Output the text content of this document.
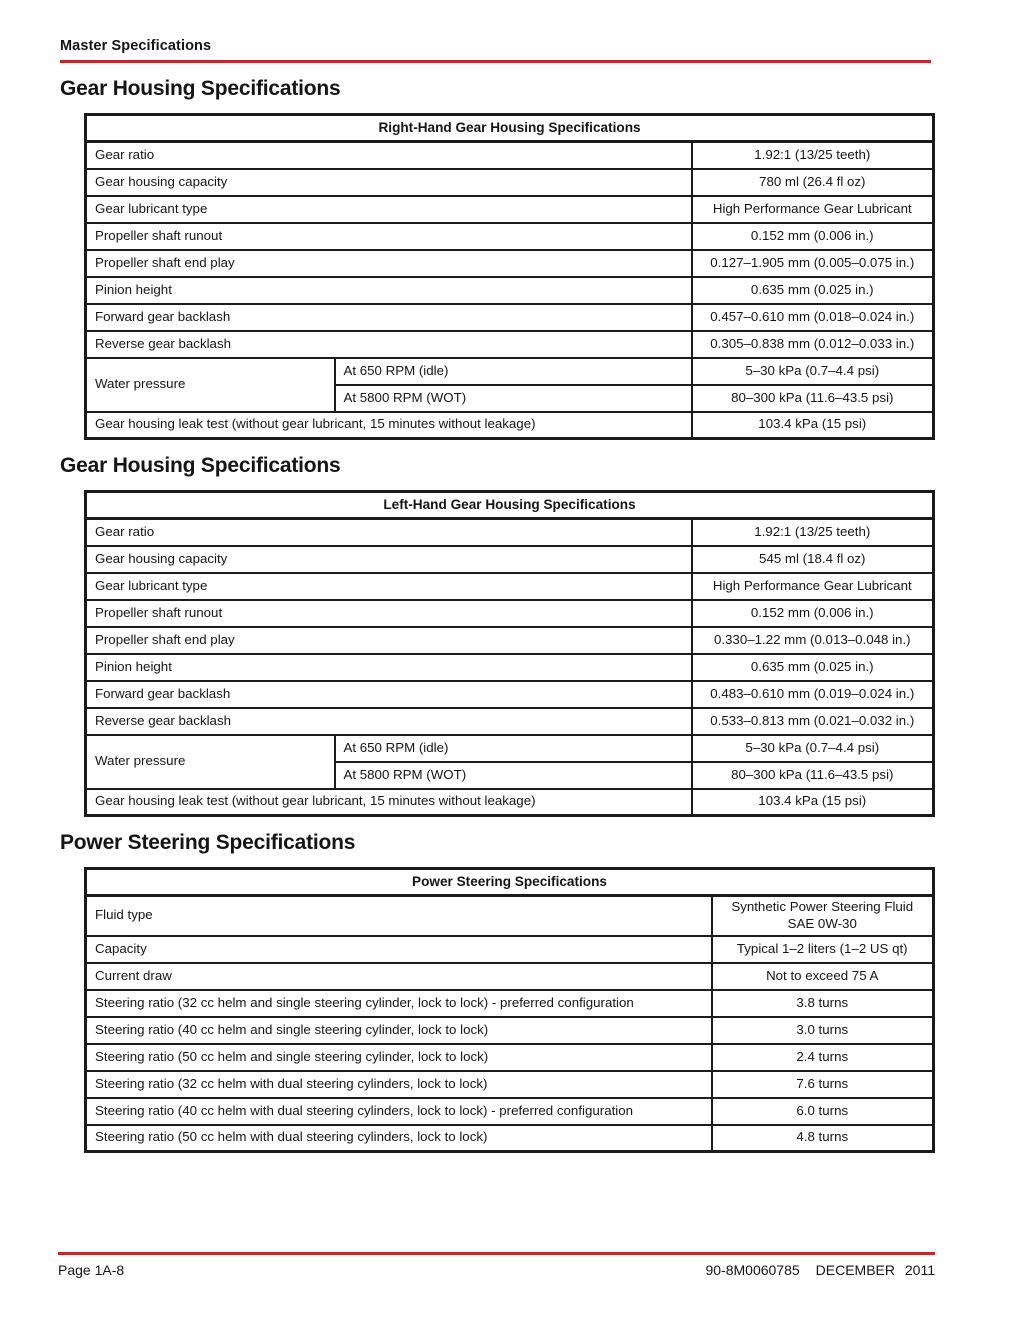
Master Specifications
Gear Housing Specifications
Right-Hand Gear Housing Specifications		
Gear ratio		1.92:1 (13/25 teeth)
Gear housing capacity		780 ml (26.4 fl oz)
Gear lubricant type		High Performance Gear Lubricant
Propeller shaft runout		0.152 mm (0.006 in.)
Propeller shaft end play		0.127–1.905 mm (0.005–0.075 in.)
Pinion height		0.635 mm (0.025 in.)
Forward gear backlash		0.457–0.610 mm (0.018–0.024 in.)
Reverse gear backlash		0.305–0.838 mm (0.012–0.033 in.)
Water pressure	At 650 RPM (idle)	5–30 kPa (0.7–4.4 psi)
	At 5800 RPM (WOT)	80–300 kPa (11.6–43.5 psi)
Gear housing leak test (without gear lubricant, 15 minutes without leakage)		103.4 kPa (15 psi)
Gear Housing Specifications
Left-Hand Gear Housing Specifications		
Gear ratio		1.92:1 (13/25 teeth)
Gear housing capacity		545 ml (18.4 fl oz)
Gear lubricant type		High Performance Gear Lubricant
Propeller shaft runout		0.152 mm (0.006 in.)
Propeller shaft end play		0.330–1.22 mm (0.013–0.048 in.)
Pinion height		0.635 mm (0.025 in.)
Forward gear backlash		0.483–0.610 mm (0.019–0.024 in.)
Reverse gear backlash		0.533–0.813 mm (0.021–0.032 in.)
Water pressure	At 650 RPM (idle)	5–30 kPa (0.7–4.4 psi)
	At 5800 RPM (WOT)	80–300 kPa (11.6–43.5 psi)
Gear housing leak test (without gear lubricant, 15 minutes without leakage)		103.4 kPa (15 psi)
Power Steering Specifications
Power Steering Specifications	
Fluid type	Synthetic Power Steering Fluid SAE 0W-30
Capacity	Typical 1–2 liters (1–2 US qt)
Current draw	Not to exceed 75 A
Steering ratio (32 cc helm and single steering cylinder, lock to lock) - preferred configuration	3.8 turns
Steering ratio (40 cc helm and single steering cylinder, lock to lock)	3.0 turns
Steering ratio (50 cc helm and single steering cylinder, lock to lock)	2.4 turns
Steering ratio (32 cc helm with dual steering cylinders, lock to lock)	7.6 turns
Steering ratio (40 cc helm with dual steering cylinders, lock to lock) - preferred configuration	6.0 turns
Steering ratio (50 cc helm with dual steering cylinders, lock to lock)	4.8 turns
Page 1A-8	90-8M0060785 DECEMBER 2011
